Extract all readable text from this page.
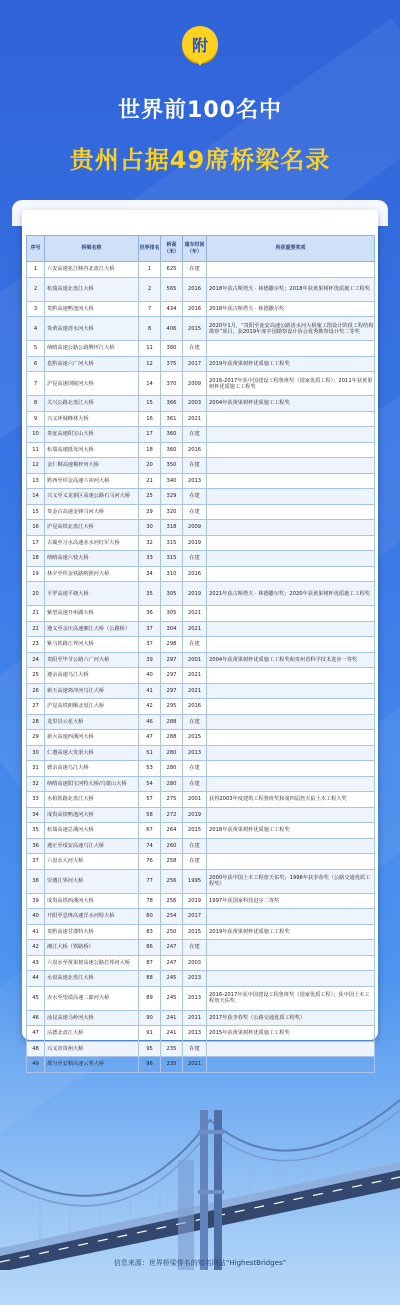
附
世界前100名中
贵州占据49席桥梁名录
序号	桥梁名称	世界排名	桥高（米）	通车时间（年）	所获重要奖项
1	六安高速花江峡谷北盘江大桥	1	625	在建	
2	杭瑞高速北盘江大桥	2	565	2016	2018年获古斯塔夫 · 林德撒尔奖；2018年获黄果树杯优质施工工程奖
3	贵黔高速鸭池河大桥	7	434	2016	2018年获古斯塔夫 · 林德撒尔奖
4	贵黄高速清水河大桥	8	406	2015	2020年1月，“贵阳至瓮安高速公路清水河大桥施工图设计阶段工程结构勘察”项目，获2019年度中国勘察设计协会优秀勘察设计奖二等奖
5	纳晴高速公路公路牌坪江大桥	11	380	在建	
6	息黔高速六广河大桥	12	375	2017	2019年获黄果树杯优质施工工程奖
7	沪昆高速坝陵河大桥	14	370	2009	2016-2017年获中国建设工程鲁班奖（国家优质工程）；2011年获黄果树杯优质施工工程奖
8	关兴公路北盘江大桥	15	366	2003	2004年获黄果树杯优质施工工程奖
9	兴义环城峰林大桥	16	361	2021	
10	贵瓮高速阳宝山大桥	17	360	在建	
11	杭瑞高速抵母河大桥	18	360	2016	
12	金仁桐高速桐梓河大桥	20	350	在建	
13	黔西至织金高速六冲河大桥	21	340	2013	
14	兴义至义龙新区高速公路石马河大桥	25	329	在建	
15	贵金古高速金锋马河大桥	29	320	在建	
16	沪昆高铁北盘江大桥	30	318	2009	
17	古蔺至习水高速赤水河红军大桥	32	315	2019	
18	纳晴高速六枝大桥	33	315	在建	
19	林夕至织金铁路纳照河大桥	34	310	2016	
20	平罗高速平塘大桥	35	305	2019	2021年获古斯塔夫 · 林德撒尔奖；2020年获黄果树杯优质施工工程奖
21	紫望高速开州湖大桥	36	305	2021	
22	遵义至余庆高速湘江大桥（公路桥）	37	304	2021	
23	紫马铁路江界河大桥	37	298	在建	
24	贵阳至毕节公路六广河大桥	39	297	2001	2004年获黄果树杯优质施工工程奖和贵州省科学技术进步一等奖
25	遵余高速乌江大桥	40	297	2021	
26	新玉高速鸡冲河乌江大桥	41	297	2021	
27	沪昆高铁朗顺北盘江大桥	42	295	2016	
28	龙里县云花大桥	46	288	在建	
29	新大高速西溪河大桥	47	288	2015	
30	仁遵高速大发渠大桥	51	280	2013	
31	德余高速乌江大桥	53	280	在建	
32	纳晴高速阳宝河特大桥/乌蒙山大桥	54	280	在建	
33	水柏铁路北盘江大桥	57	275	2001	获得2003年度建筑工程鲁班奖和第四届詹天佑土木工程大奖
34	成贵高铁鸭池河大桥	58	272	2019	
35	杭瑞高速总溪河大桥	67	264	2015	2018年获黄果树杯优质施工工程奖
36	遵正至绥安高速乌江大桥	74	260	在建	
37	六盘水大河大桥	76	258	在建	
38	崇遵江界河大桥	77	256	1995	2000年获中国土木工程詹天佑奖；1998年获李春奖（公路交通优质工程奖）
39	成贵高铁西溪河大桥	78	256	2019	1997年获国家科技进步二等奖
40	开阳至息烽高速洋水河特大桥	80	254	2017	
41	贵黔高速甘漆特大桥	83	250	2015	2019年获黄果树杯优质施工工程奖
42	湘江大桥（铁路桥）	86	247	在建	
43	六盘水至黄果树高速公路打邦河大桥	87	247	2003	
44	水盘高速北盘江大桥	88	245	2013	
45	赤水至望谟高速二郎河大桥	89	245	2013	2016-2017年获中国建设工程鲁班奖（国家优质工程）；获中国土木工程詹天佑奖
46	汕昆高速马岭河大桥	90	241	2011	2017年获李春奖（公路交通优质工程奖）
47	沾德北盘江大桥	91	241	2013	2015年获黄果树杯优质施工工程奖
48	兴义市贵州大桥	95	235	在建	
49	都匀至安顺高速云雾大桥	96	235	2021	
信息来源：世界桥梁排名的知名网站“HighestBridges”
